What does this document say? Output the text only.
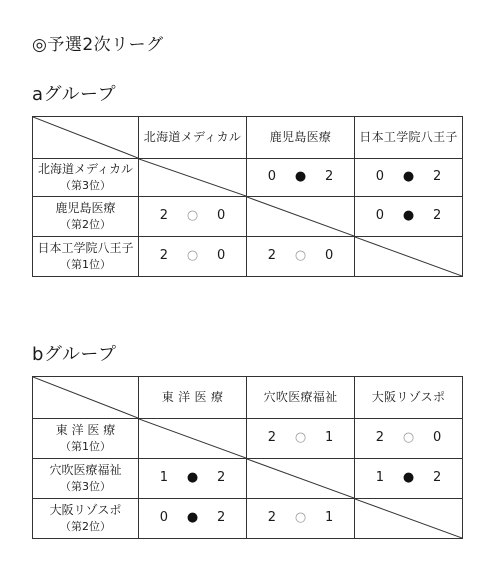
◎予選2次リーグ
aグループ
	北海道メディカル	鹿児島医療	日本工学院八王子

北海道メディカル
（第3位）		0 ● 2	0 ● 2

鹿児島医療
（第2位）	2 ○ 0		0 ● 2

日本工学院八王子
（第1位）	2 ○ 0	2 ○ 0

bグループ
	東 洋 医 療	穴吹医療福祉	大阪リゾスポ

東 洋 医 療
（第1位）		2 ○ 1	2 ○ 0

穴吹医療福祉
（第3位）	1 ● 2		1 ● 2

大阪リゾスポ
（第2位）	0 ● 2	2 ○ 1
